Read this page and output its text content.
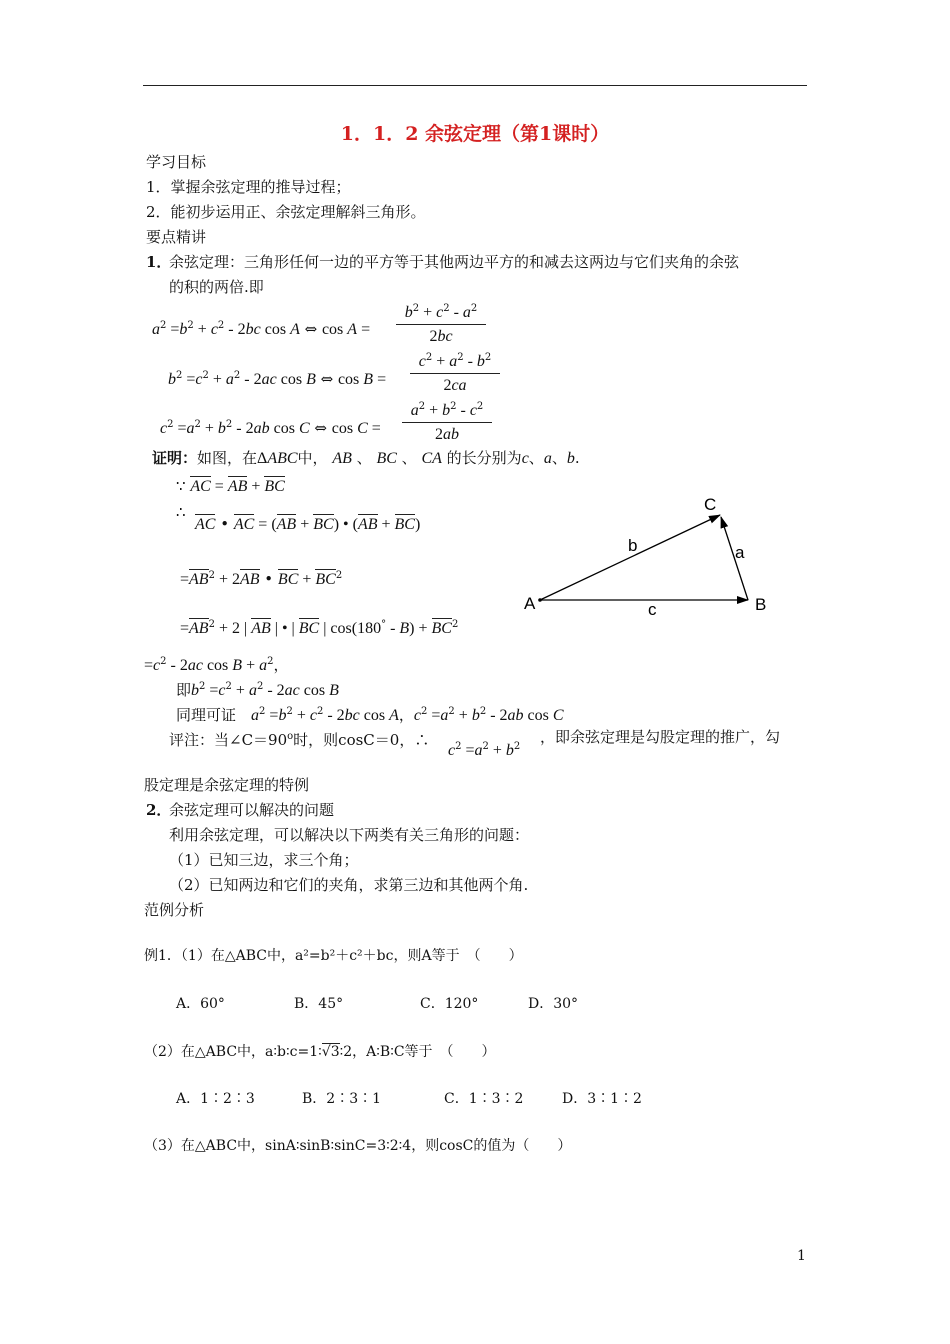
1．1．2 余弦定理（第1课时）
学习目标
1．掌握余弦定理的推导过程；
2．能初步运用正、余弦定理解斜三角形。
要点精讲
1．
余弦定理：三角形任何一边的平方等于其他两边平方的和减去这两边与它们夹角的余弦
的积的两倍.即
$a^2 =b^2 + c^2 - 2bc$ cos A ⇔ cos A =
$b^2 + c^2 - a^2$
2bc
$b^2 =c^2 + a^2 - 2ac$ cos B ⇔ cos B =
$c^2 + a^2 - b^2$
2ca
$c^2 =a^2 + b^2 - 2ab$ cos C ⇔ cos C =
$a^2 + b^2 - c^2$
2ab
证明：如图，在ΔABC中， AB 、 BC 、 CA 的长分别为c、a、b.
∵ AC = AB + BC
∴
AC • AC = (AB + BC) • (AB + BC)
$=AB^2 + 2AB$ • BC + $BC^2$
$=AB^2 + 2$ | AB | • | BC | $\cos(180^\circ - B) + BC^2$
$=c^2 - 2ac$ $\cos B + a^2$，
即$b^2 =c^2 + a^2 - 2ac$ cos B
同理可证　 $a^2 =b^2 + c^2 - 2bc$ cos A，$c^2 =a^2 + b^2 - 2ab$ cos C
评注：当$\angle C=90^o$时，则cosC＝0，∴
$c^2 =a^2 + b^2$
，即余弦定理是勾股定理的推广，勾
股定理是余弦定理的特例
2．
余弦定理可以解决的问题
利用余弦定理，可以解决以下两类有关三角形的问题：
（1）已知三边，求三个角；
（2）已知两边和它们的夹角，求第三边和其他两个角.
范例分析
例1．（1）在△ABC中，a²=b²＋c²＋bc，则A等于　（　　）
A．60°	B．45°	C．120°	D．30°
（2）在△ABC中，a∶b∶c=1∶√3∶2，A∶B∶C等于　（　　）
A．1∶2∶3	B．2∶3∶1	C．1∶3∶2	D．3∶1∶2
（3）在△ABC中，sinA∶sinB∶sinC=3∶2∶4，则cosC的值为（　　）
A	B
C
a
b
c
1
